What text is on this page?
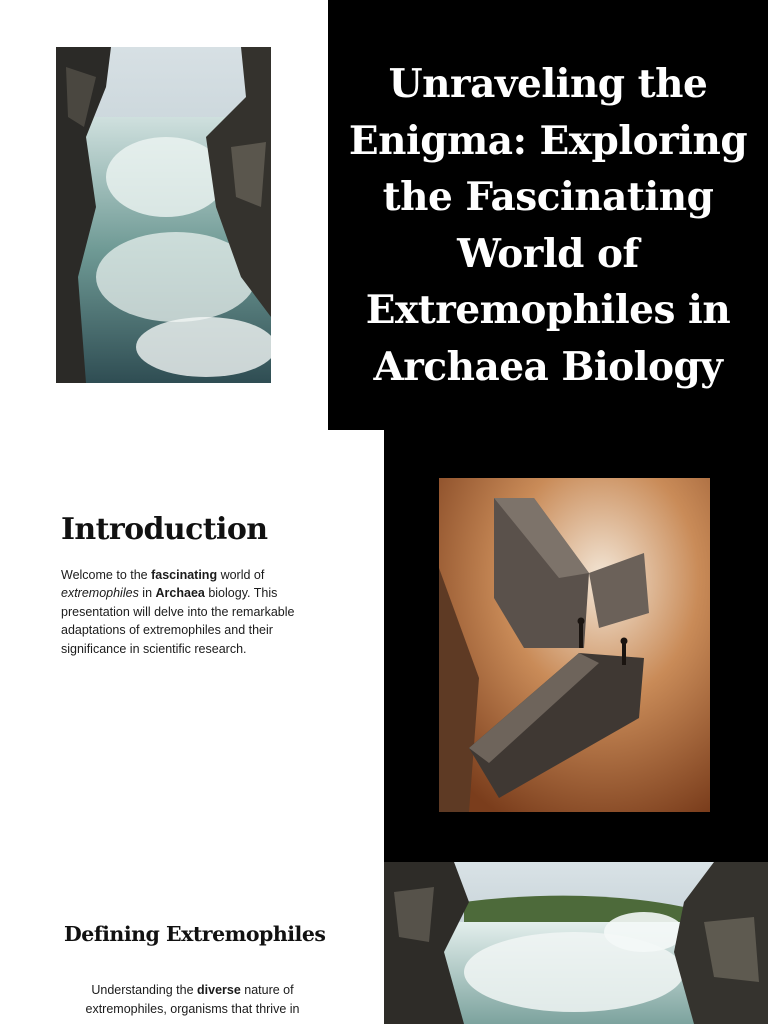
Unraveling the Enigma: Exploring the Fascinating World of Extremophiles in Archaea Biology
Introduction

Welcome to the fascinating world of extremophiles in Archaea biology. This presentation will delve into the remarkable adaptations of extremophiles and their significance in scientific research.

Defining Extremophiles

Understanding the diverse nature of extremophiles, organisms that thrive in
